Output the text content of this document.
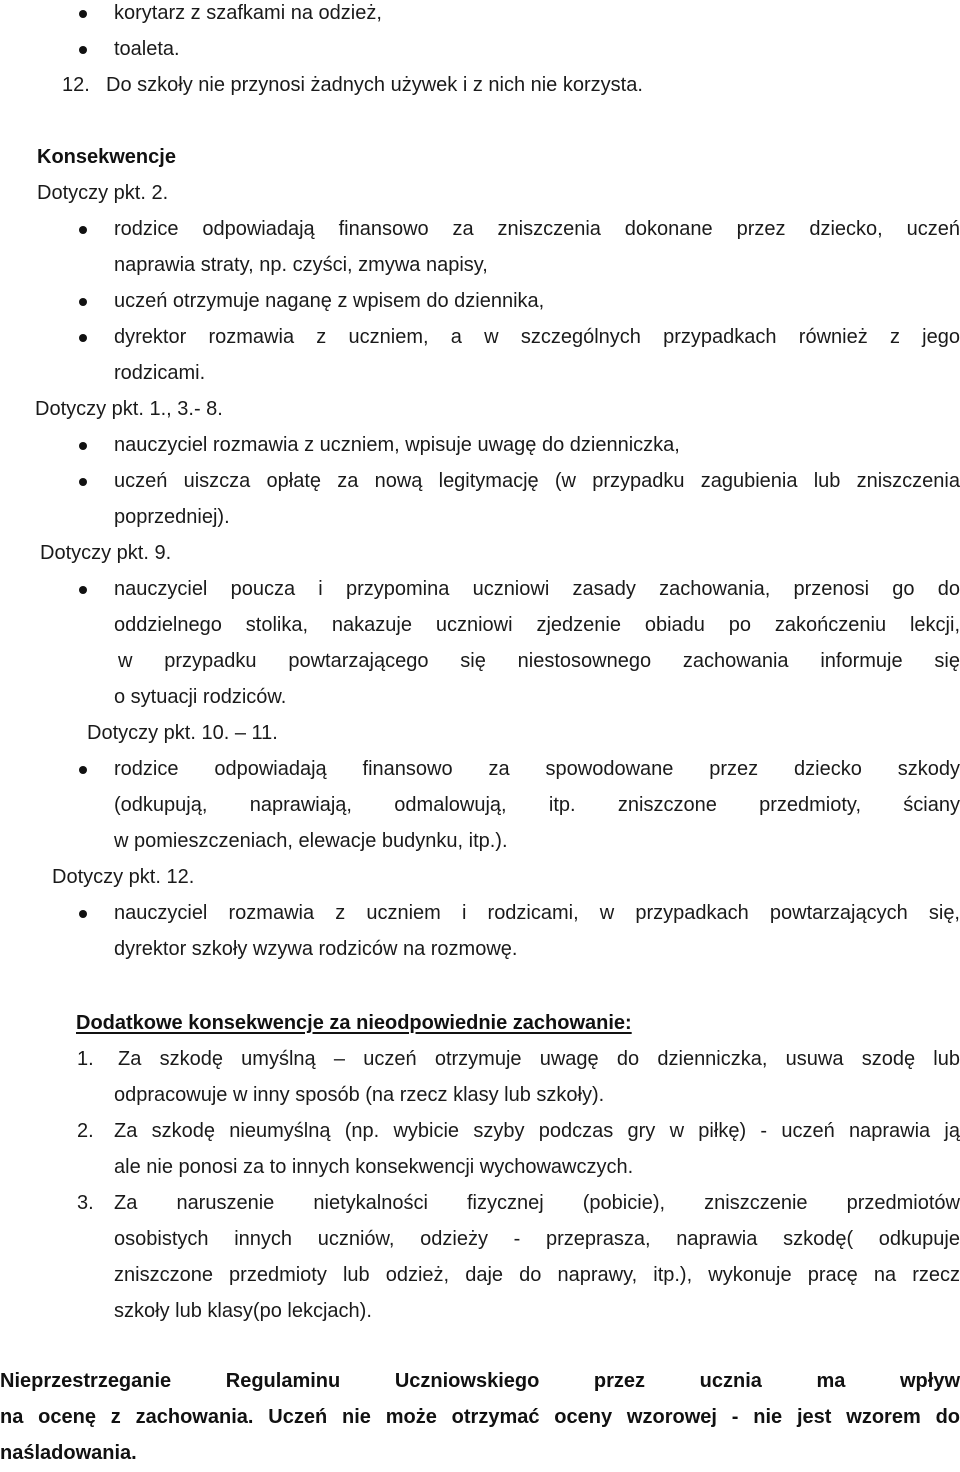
korytarz z szafkami na odzież,
toaleta.
12. Do szkoły nie przynosi żadnych używek i z nich nie korzysta.
Konsekwencje
Dotyczy pkt. 2.
rodzice odpowiadają finansowo za zniszczenia dokonane przez dziecko, uczeń
naprawia straty, np. czyści, zmywa napisy,
uczeń otrzymuje naganę z wpisem do dziennika,
dyrektor rozmawia z uczniem, a w szczególnych przypadkach również z jego
rodzicami.
Dotyczy pkt. 1., 3.- 8.
nauczyciel rozmawia z uczniem, wpisuje uwagę do dzienniczka,
uczeń uiszcza opłatę za nową legitymację (w przypadku zagubienia lub zniszczenia
poprzedniej).
Dotyczy pkt. 9.
nauczyciel poucza i przypomina uczniowi zasady zachowania, przenosi go do
oddzielnego stolika, nakazuje uczniowi zjedzenie obiadu po zakończeniu lekcji,
w przypadku powtarzającego się niestosownego zachowania informuje się
o sytuacji rodziców.
Dotyczy pkt. 10. – 11.
rodzice odpowiadają finansowo za spowodowane przez dziecko szkody
(odkupują, naprawiają, odmalowują, itp. zniszczone przedmioty, ściany
w pomieszczeniach, elewacje budynku, itp.).
Dotyczy pkt. 12.
nauczyciel rozmawia z uczniem i rodzicami, w przypadkach powtarzających się,
dyrektor szkoły wzywa rodziców na rozmowę.
Dodatkowe konsekwencje za nieodpowiednie zachowanie:
1. Za szkodę umyślną – uczeń otrzymuje uwagę do dzienniczka, usuwa szodę lub
odpracowuje w inny sposób (na rzecz klasy lub szkoły).
2. Za szkodę nieumyślną (np. wybicie szyby podczas gry w piłkę) - uczeń naprawia ją
ale nie ponosi za to innych konsekwencji wychowawczych.
3. Za naruszenie nietykalności fizycznej (pobicie), zniszczenie przedmiotów
osobistych innych uczniów, odzieży - przeprasza, naprawia szkodę( odkupuje
zniszczone przedmioty lub odzież, daje do naprawy, itp.), wykonuje pracę na rzecz
szkoły lub klasy(po lekcjach).
Nieprzestrzeganie Regulaminu Uczniowskiego przez ucznia ma wpływ
na ocenę z zachowania. Uczeń nie może otrzymać oceny wzorowej - nie jest wzorem do
naśladowania.
